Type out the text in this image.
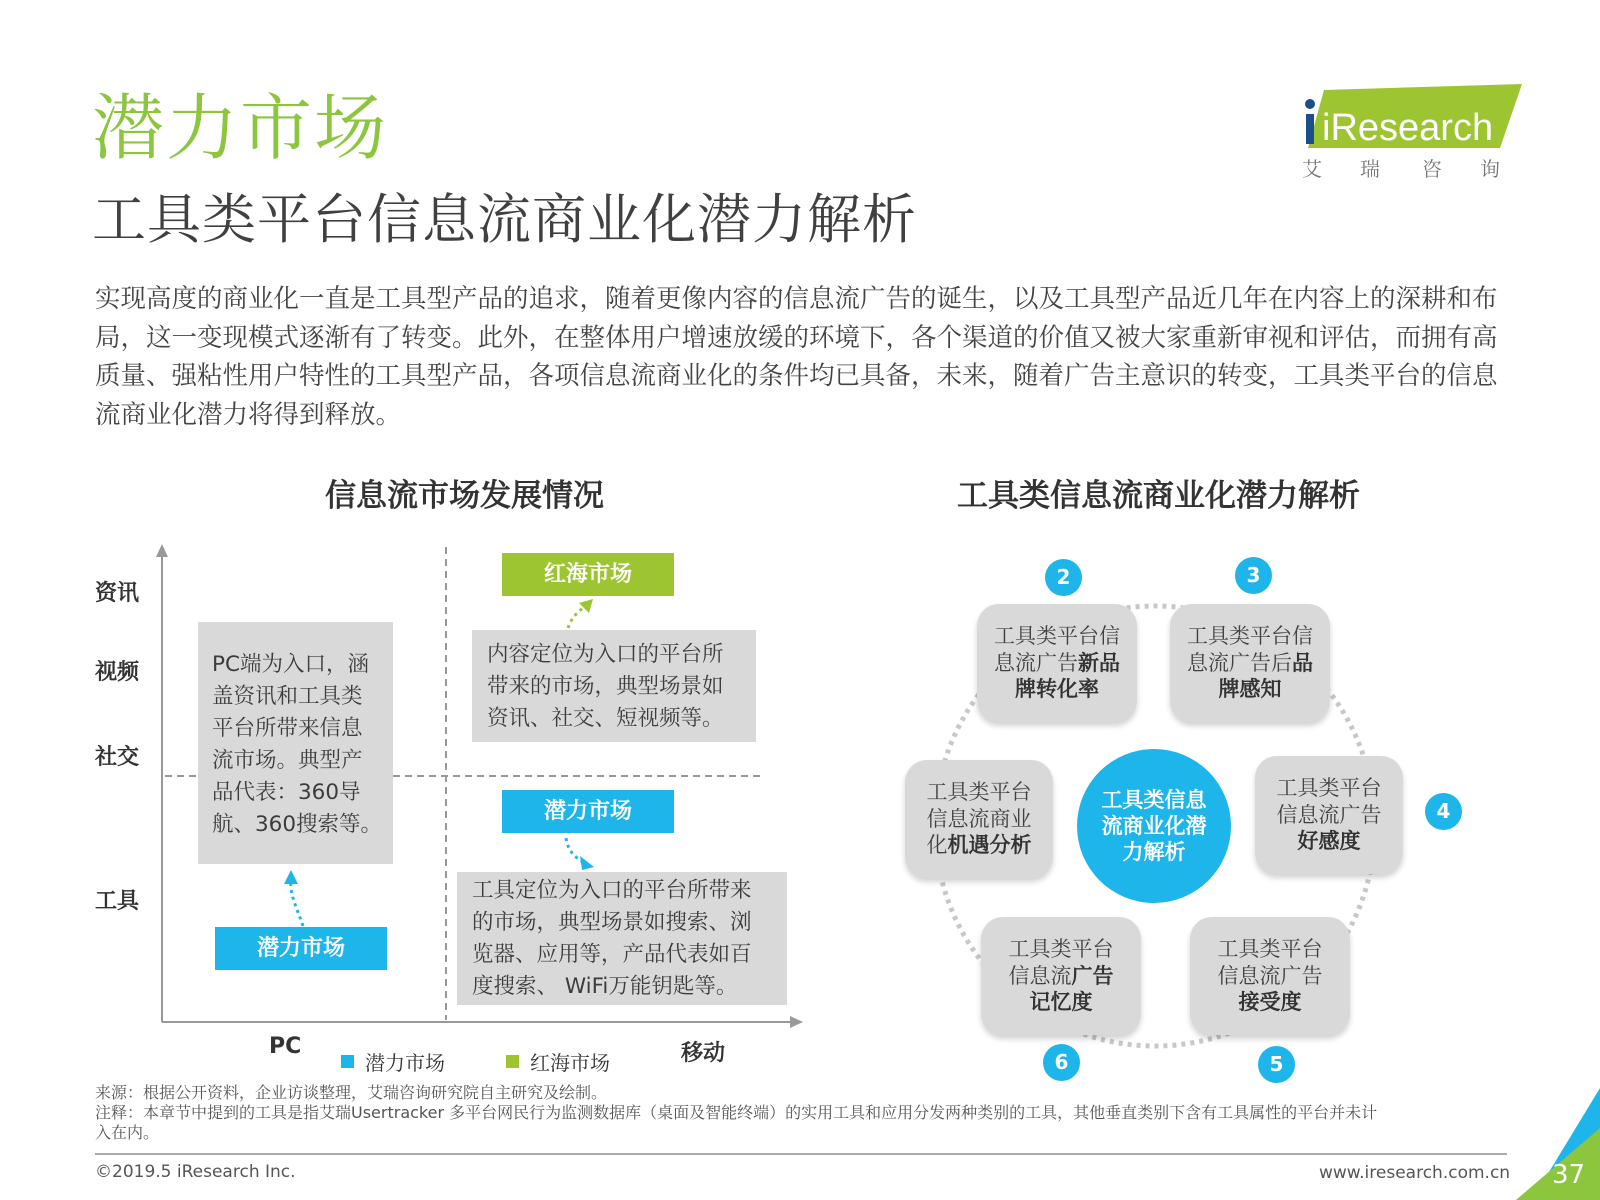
潜力市场
工具类平台信息流商业化潜力解析
iResearch
艾 瑞 咨 询
实现高度的商业化一直是工具型产品的追求，随着更像内容的信息流广告的诞生，以及工具型产品近几年在内容上的深耕和布局，这一变现模式逐渐有了转变。此外，在整体用户增速放缓的环境下，各个渠道的价值又被大家重新审视和评估，而拥有高质量、强粘性用户特性的工具型产品，各项信息流商业化的条件均已具备，未来，随着广告主意识的转变，工具类平台的信息流商业化潜力将得到释放。
信息流市场发展情况
资讯
视频
社交
工具
PC	移动
PC端为入口，涵
盖资讯和工具类
平台所带来信息
流市场。典型产
品代表：360导
航、360搜索等。
内容定位为入口的平台所
带来的市场，典型场景如
资讯、社交、短视频等。
工具定位为入口的平台所带来
的市场，典型场景如搜索、浏
览器、应用等，产品代表如百
度搜索、 WiFi万能钥匙等。
红海市场
潜力市场
潜力市场
潜力市场	红海市场
工具类信息流商业化潜力解析
工具类平台信
息流广告新品
牌转化率
工具类平台信
息流广告后品
牌感知
工具类平台
信息流广告
好感度
工具类平台
信息流广告
接受度
工具类平台
信息流广告
记忆度
工具类平台
信息流商业
化机遇分析
工具类信息
流商业化潜
力解析
2	3
4
5
6
来源：根据公开资料，企业访谈整理，艾瑞咨询研究院自主研究及绘制。
注释：本章节中提到的工具是指艾瑞Usertracker 多平台网民行为监测数据库（桌面及智能终端）的实用工具和应用分发两种类别的工具，其他垂直类别下含有工具属性的平台并未计
入在内。
©2019.5 iResearch Inc.	www.iresearch.com.cn 37
